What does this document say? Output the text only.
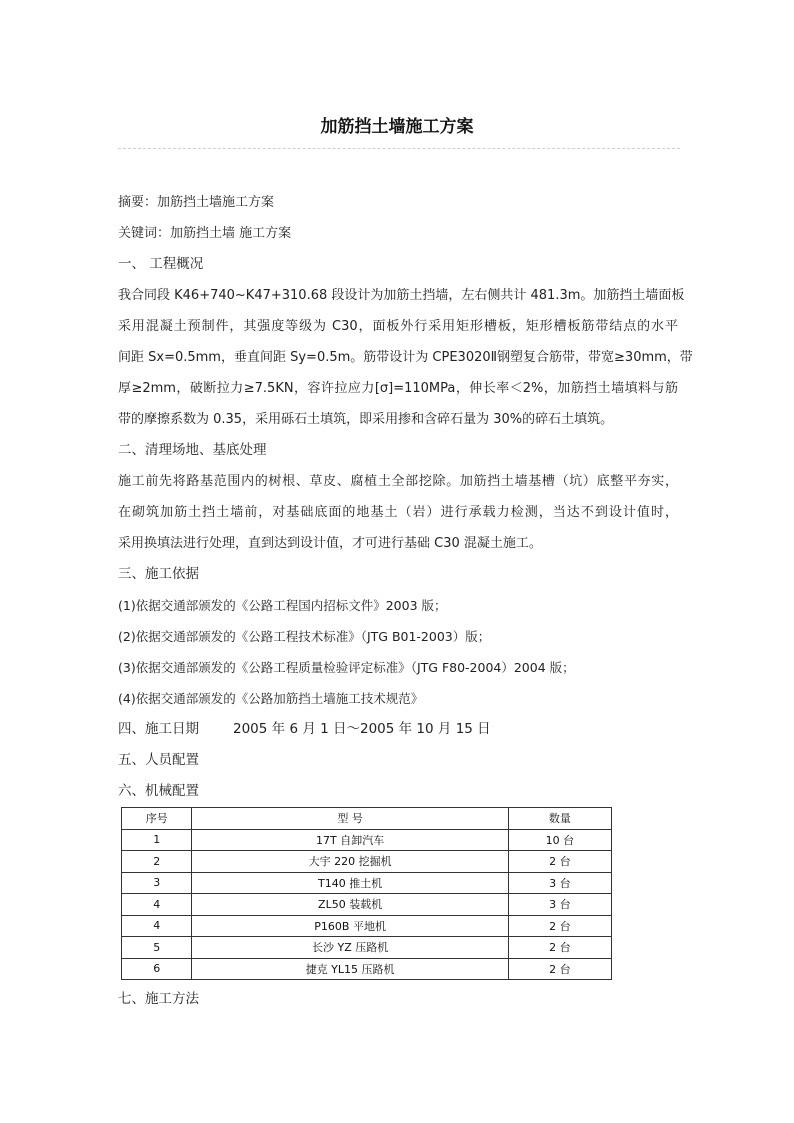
加筋挡土墙施工方案
摘要：加筋挡土墙施工方案
关键词：加筋挡土墙 施工方案
一、 工程概况
我合同段 K46+740~K47+310.68 段设计为加筋土挡墙，左右侧共计 481.3m。加筋挡土墙面板
采用混凝土预制件，其强度等级为 C30，面板外行采用矩形槽板，矩形槽板筋带结点的水平
间距 Sx=0.5mm，垂直间距 Sy=0.5m。筋带设计为 CPE3020Ⅱ钢塑复合筋带，带宽≥30mm，带
厚≥2mm，破断拉力≥7.5KN，容许拉应力[σ]=110MPa，伸长率＜2%，加筋挡土墙填料与筋
带的摩擦系数为 0.35，采用砾石土填筑，即采用掺和含碎石量为 30%的碎石土填筑。
二、清理场地、基底处理
施工前先将路基范围内的树根、草皮、腐植土全部挖除。加筋挡土墙基槽（坑）底整平夯实，
在砌筑加筋土挡土墙前，对基础底面的地基土（岩）进行承载力检测，当达不到设计值时，
采用换填法进行处理，直到达到设计值，才可进行基础 C30 混凝土施工。
三、施工依据
(1)依据交通部颁发的《公路工程国内招标文件》2003 版；
(2)依据交通部颁发的《公路工程技术标准》（JTG B01-2003）版；
(3)依据交通部颁发的《公路工程质量检验评定标准》（JTG F80-2004）2004 版；
(4)依据交通部颁发的《公路加筋挡土墙施工技术规范》
四、施工日期	2005 年 6 月 1 日～2005 年 10 月 15 日
五、人员配置
六、机械配置
序号	型 号	数量
1	17T 自卸汽车	10 台
2	大宇 220 挖掘机	2 台
3	T140 推土机	3 台
4	ZL50 装载机	3 台
4	P160B 平地机	2 台
5	长沙 YZ 压路机	2 台
6	捷克 YL15 压路机	2 台
七、施工方法
